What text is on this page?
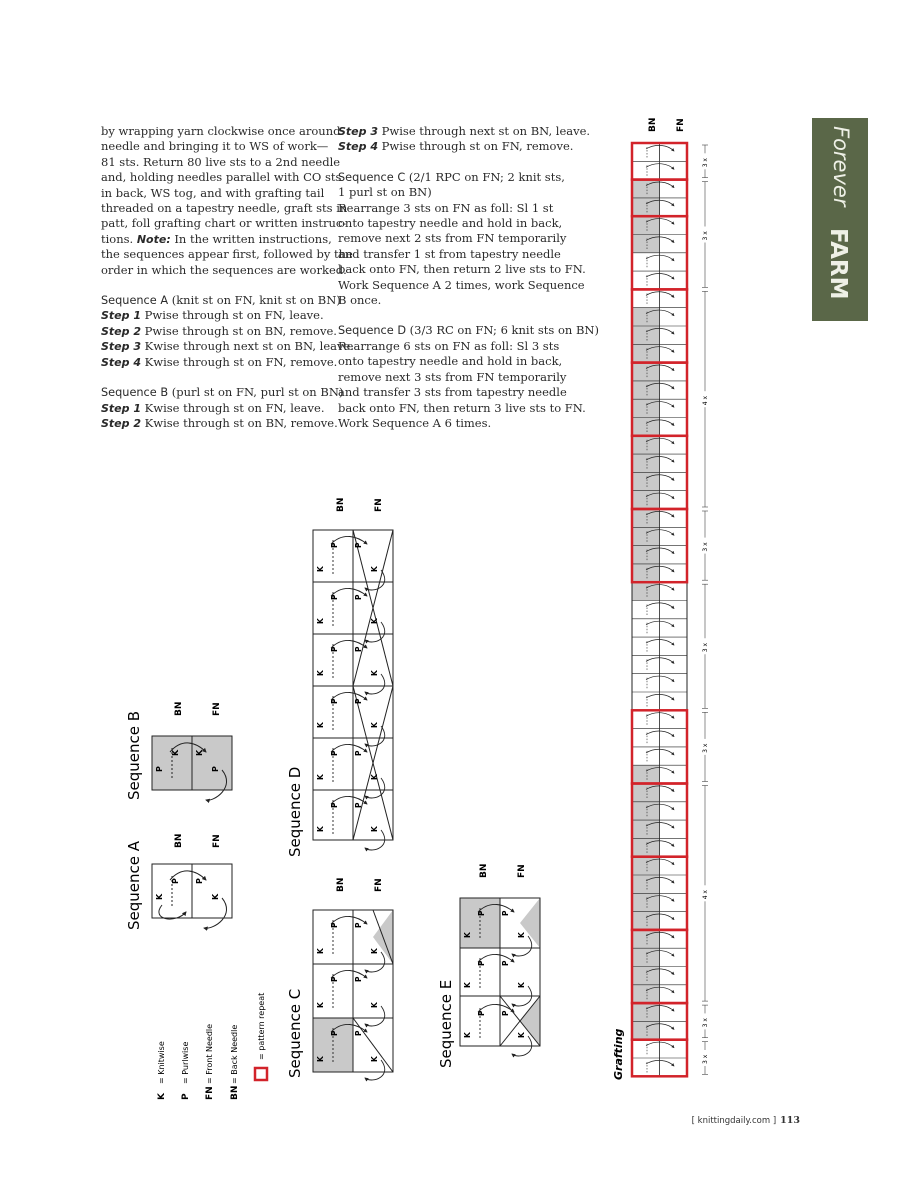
by wrapping yarn clockwise once around
needle and bringing it to WS of work—
81 sts. Return 80 live sts to a 2nd needle
and, holding needles parallel with CO sts
in back, WS tog, and with grafting tail
threaded on a tapestry needle, graft sts in
patt, foll grafting chart or written instruc-
tions. Note: In the written instructions,
the sequences appear first, followed by the
order in which the sequences are worked.

Sequence A (knit st on FN, knit st on BN)
Step 1 Pwise through st on FN, leave.
Step 2 Pwise through st on BN, remove.
Step 3 Kwise through next st on BN, leave.
Step 4 Kwise through st on FN, remove.

Sequence B (purl st on FN, purl st on BN)
Step 1 Kwise through st on FN, leave.
Step 2 Kwise through st on BN, remove.

Step 3 Pwise through next st on BN, leave.
Step 4 Pwise through st on FN, remove.

Sequence C (2/1 RPC on FN; 2 knit sts,
1 purl st on BN)
Rearrange 3 sts on FN as foll: Sl 1 st
onto tapestry needle and hold in back,
remove next 2 sts from FN temporarily
and transfer 1 st from tapestry needle
back onto FN, then return 2 live sts to FN.
Work Sequence A 2 times, work Sequence
B once.

Sequence D (3/3 RC on FN; 6 knit sts on BN)
Rearrange 6 sts on FN as foll: Sl 3 sts
onto tapestry needle and hold in back,
remove next 3 sts from FN temporarily
and transfer 3 sts from tapestry needle
back onto FN, then return 3 live sts to FN.
Work Sequence A 6 times.

Forever
FARM
K
= Knitwise
P
= Purlwise
FN
= Front Needle
BN
= Back Needle = pattern repeat
Sequence A
Sequence B
Sequence C
Sequence D
Sequence E	Grafting
BN	FN
BN	FN
BN	FN
BN	FN
BN	FN
BN FN
K
P P
K
P
K K
P
3 x
3 x
4 x
3 x
3 x
3 x
4 x
3 x
3 x
K
P P
K
K
P P
K
K
P P
K
K
P P
K
K
P P
K
K
P P
K
K
P P
K
K
P P
K
K
P P
K
K
P P
K
K
P P
K
K
P P
K
[ knittingdaily.com ] 113
